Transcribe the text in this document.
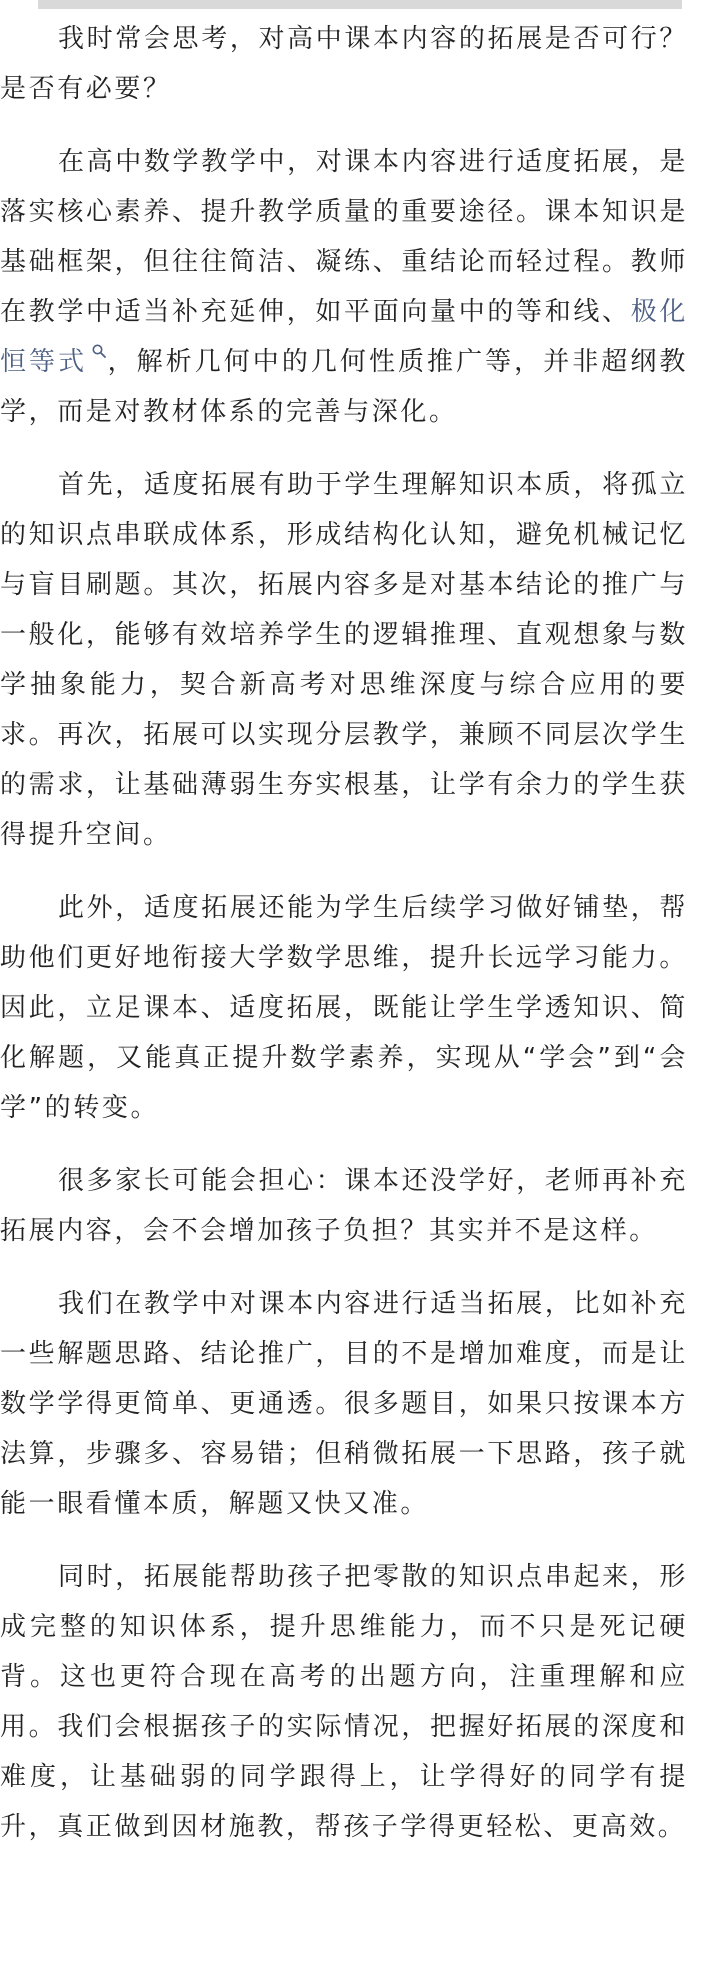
我时常会思考，对高中课本内容的拓展是否可行？是否有必要？

在高中数学教学中，对课本内容进行适度拓展，是落实核心素养、提升教学质量的重要途径。课本知识是基础框架，但往往简洁、凝练、重结论而轻过程。教师在教学中适当补充延伸，如平面向量中的等和线、极化恒等式 ，解析几何中的几何性质推广等，并非超纲教学，而是对教材体系的完善与深化。

首先，适度拓展有助于学生理解知识本质，将孤立的知识点串联成体系，形成结构化认知，避免机械记忆与盲目刷题。其次，拓展内容多是对基本结论的推广与一般化，能够有效培养学生的逻辑推理、直观想象与数学抽象能力，契合新高考对思维深度与综合应用的要求。再次，拓展可以实现分层教学，兼顾不同层次学生的需求，让基础薄弱生夯实根基，让学有余力的学生获得提升空间。

此外，适度拓展还能为学生后续学习做好铺垫，帮助他们更好地衔接大学数学思维，提升长远学习能力。因此，立足课本、适度拓展，既能让学生学透知识、简化解题，又能真正提升数学素养，实现从“学会”到“会学”的转变。

很多家长可能会担心：课本还没学好，老师再补充拓展内容，会不会增加孩子负担？其实并不是这样。

我们在教学中对课本内容进行适当拓展，比如补充一些解题思路、结论推广，目的不是增加难度，而是让数学学得更简单、更通透。很多题目，如果只按课本方法算，步骤多、容易错；但稍微拓展一下思路，孩子就能一眼看懂本质，解题又快又准。

同时，拓展能帮助孩子把零散的知识点串起来，形成完整的知识体系，提升思维能力，而不只是死记硬背。这也更符合现在高考的出题方向，注重理解和应用。我们会根据孩子的实际情况，把握好拓展的深度和难度，让基础弱的同学跟得上，让学得好的同学有提升，真正做到因材施教，帮孩子学得更轻松、更高效。
